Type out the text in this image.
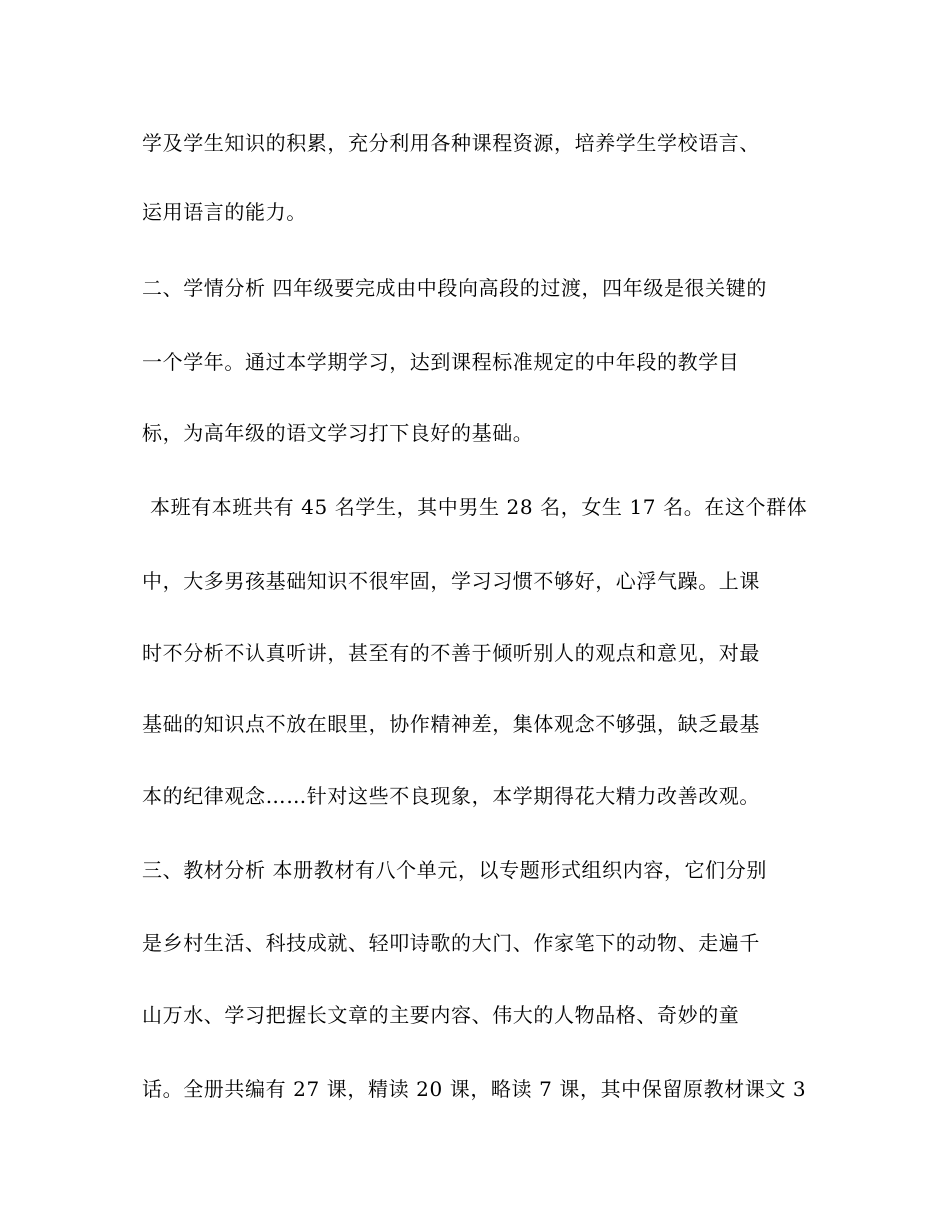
学及学生知识的积累，充分利用各种课程资源，培养学生学校语言、
运用语言的能力。
二、学情分析 四年级要完成由中段向高段的过渡，四年级是很关键的
一个学年。通过本学期学习，达到课程标准规定的中年段的教学目
标，为高年级的语文学习打下良好的基础。
本班有本班共有 45 名学生，其中男生 28 名，女生 17 名。在这个群体
中，大多男孩基础知识不很牢固，学习习惯不够好，心浮气躁。上课
时不分析不认真听讲，甚至有的不善于倾听别人的观点和意见，对最
基础的知识点不放在眼里，协作精神差，集体观念不够强，缺乏最基
本的纪律观念……针对这些不良现象，本学期得花大精力改善改观。
三、教材分析 本册教材有八个单元，以专题形式组织内容，它们分别
是乡村生活、科技成就、轻叩诗歌的大门、作家笔下的动物、走遍千
山万水、学习把握长文章的主要内容、伟大的人物品格、奇妙的童
话。全册共编有 27 课，精读 20 课，略读 7 课，其中保留原教材课文 3
